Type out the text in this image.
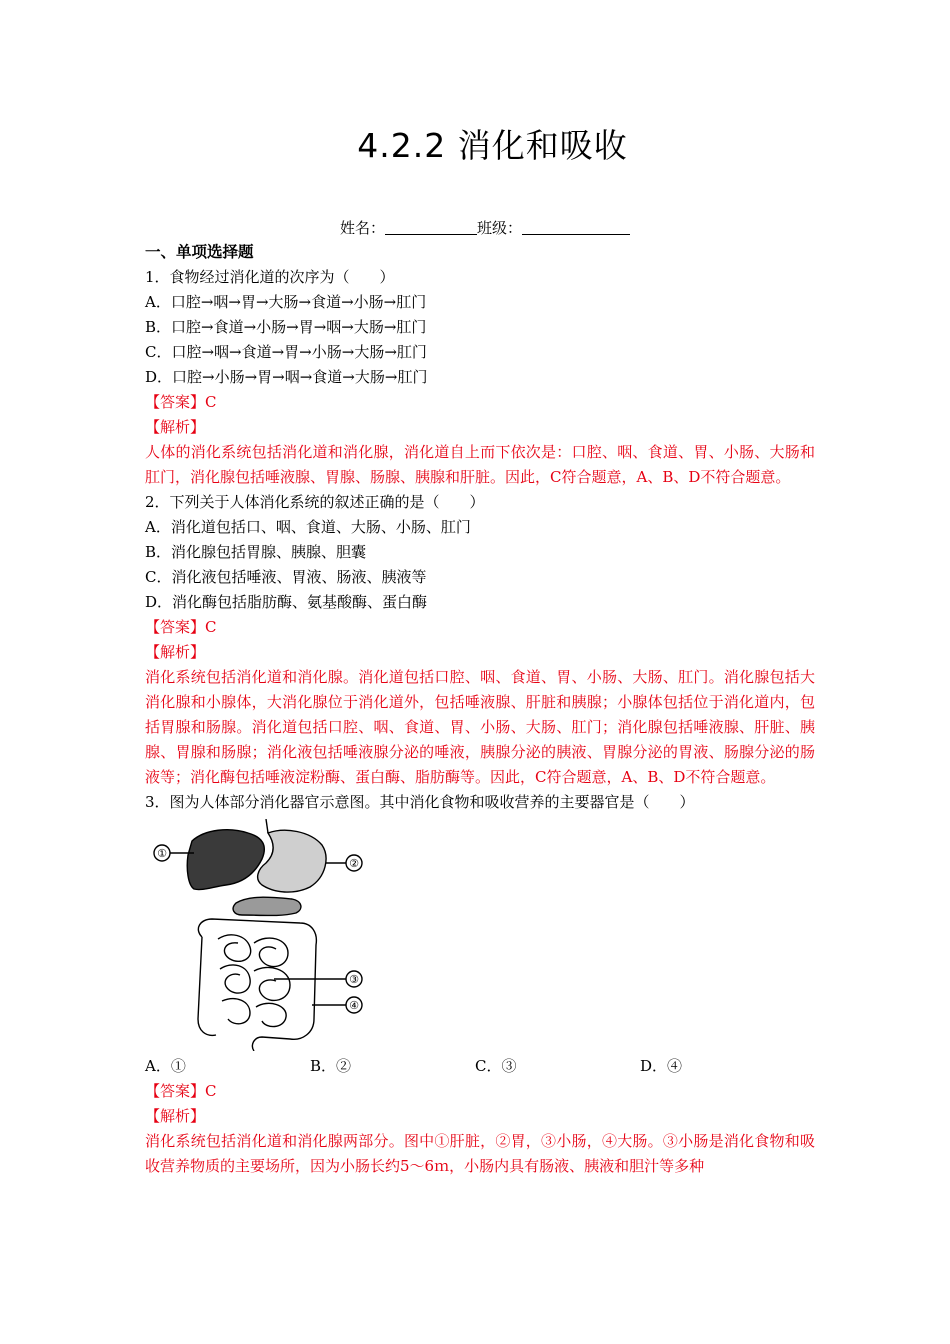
4.2.2 消化和吸收
姓名：	班级：
一、单项选择题
1．食物经过消化道的次序为（　　）
A．口腔→咽→胃→大肠→食道→小肠→肛门
B．口腔→食道→小肠→胃→咽→大肠→肛门
C．口腔→咽→食道→胃→小肠→大肠→肛门
D．口腔→小肠→胃→咽→食道→大肠→肛门
【答案】C
【解析】
人体的消化系统包括消化道和消化腺，消化道自上而下依次是：口腔、咽、食道、胃、小肠、大肠和肛门，消化腺包括唾液腺、胃腺、肠腺、胰腺和肝脏。因此，C符合题意，A、B、D不符合题意。
2．下列关于人体消化系统的叙述正确的是（　　）
A．消化道包括口、咽、食道、大肠、小肠、肛门
B．消化腺包括胃腺、胰腺、胆囊
C．消化液包括唾液、胃液、肠液、胰液等
D．消化酶包括脂肪酶、氨基酸酶、蛋白酶
【答案】C
【解析】
消化系统包括消化道和消化腺。消化道包括口腔、咽、食道、胃、小肠、大肠、肛门。消化腺包括大消化腺和小腺体，大消化腺位于消化道外，包括唾液腺、肝脏和胰腺；小腺体包括位于消化道内，包括胃腺和肠腺。消化道包括口腔、咽、食道、胃、小肠、大肠、肛门；消化腺包括唾液腺、肝脏、胰腺、胃腺和肠腺；消化液包括唾液腺分泌的唾液，胰腺分泌的胰液、胃腺分泌的胃液、肠腺分泌的肠液等；消化酶包括唾液淀粉酶、蛋白酶、脂肪酶等。因此，C符合题意，A、B、D不符合题意。
3．图为人体部分消化器官示意图。其中消化食物和吸收营养的主要器官是（　　）
①
②
③
④
A．①	B．②	C．③	D．④
【答案】C
【解析】
消化系统包括消化道和消化腺两部分。图中①肝脏，②胃，③小肠，④大肠。③小肠是消化食物和吸收营养物质的主要场所，因为小肠长约5～6ｍ，小肠内具有肠液、胰液和胆汁等多种
